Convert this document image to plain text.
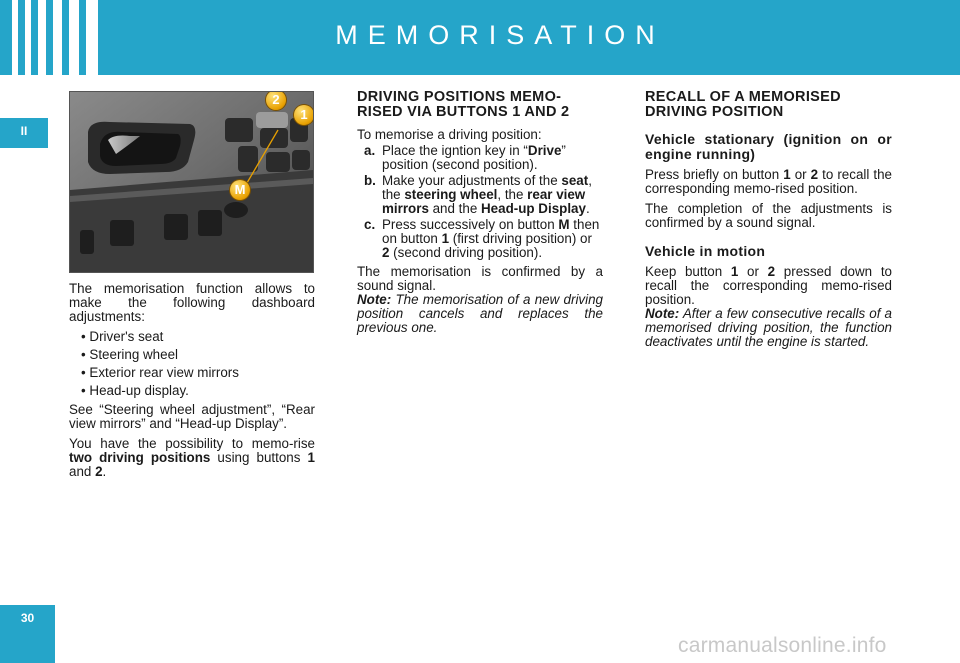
MEMORISATION
II
30
2
1
M

The memorisation function allows to make the following dashboard adjustments:

• Driver's seat
• Steering wheel
• Exterior rear view mirrors
• Head-up display.

See “Steering wheel adjustment”, “Rear view mirrors” and “Head-up Display”.

You have the possibility to memo-rise two driving positions using buttons 1 and 2.

DRIVING POSITIONS MEMO-RISED VIA BUTTONS 1 AND 2

To memorise a driving position:

a. Place the igntion key in “Drive” position (second position).
b. Make your adjustments of the seat, the steering wheel, the rear view mirrors and the Head-up Display.
c. Press successively on button M then on button 1 (first driving position) or 2 (second driving position).

The memorisation is confirmed by a sound signal.

Note: The memorisation of a new driving position cancels and replaces the previous one.

RECALL OF A MEMORISED DRIVING POSITION
Vehicle stationary (ignition on or engine running)

Press briefly on button 1 or 2 to recall the corresponding memo-rised position.

The completion of the adjustments is confirmed by a sound signal.

Vehicle in motion

Keep button 1 or 2 pressed down to recall the corresponding memo-rised position.

Note: After a few consecutive recalls of a memorised driving position, the function deactivates until the engine is started.

carmanualsonline.info
